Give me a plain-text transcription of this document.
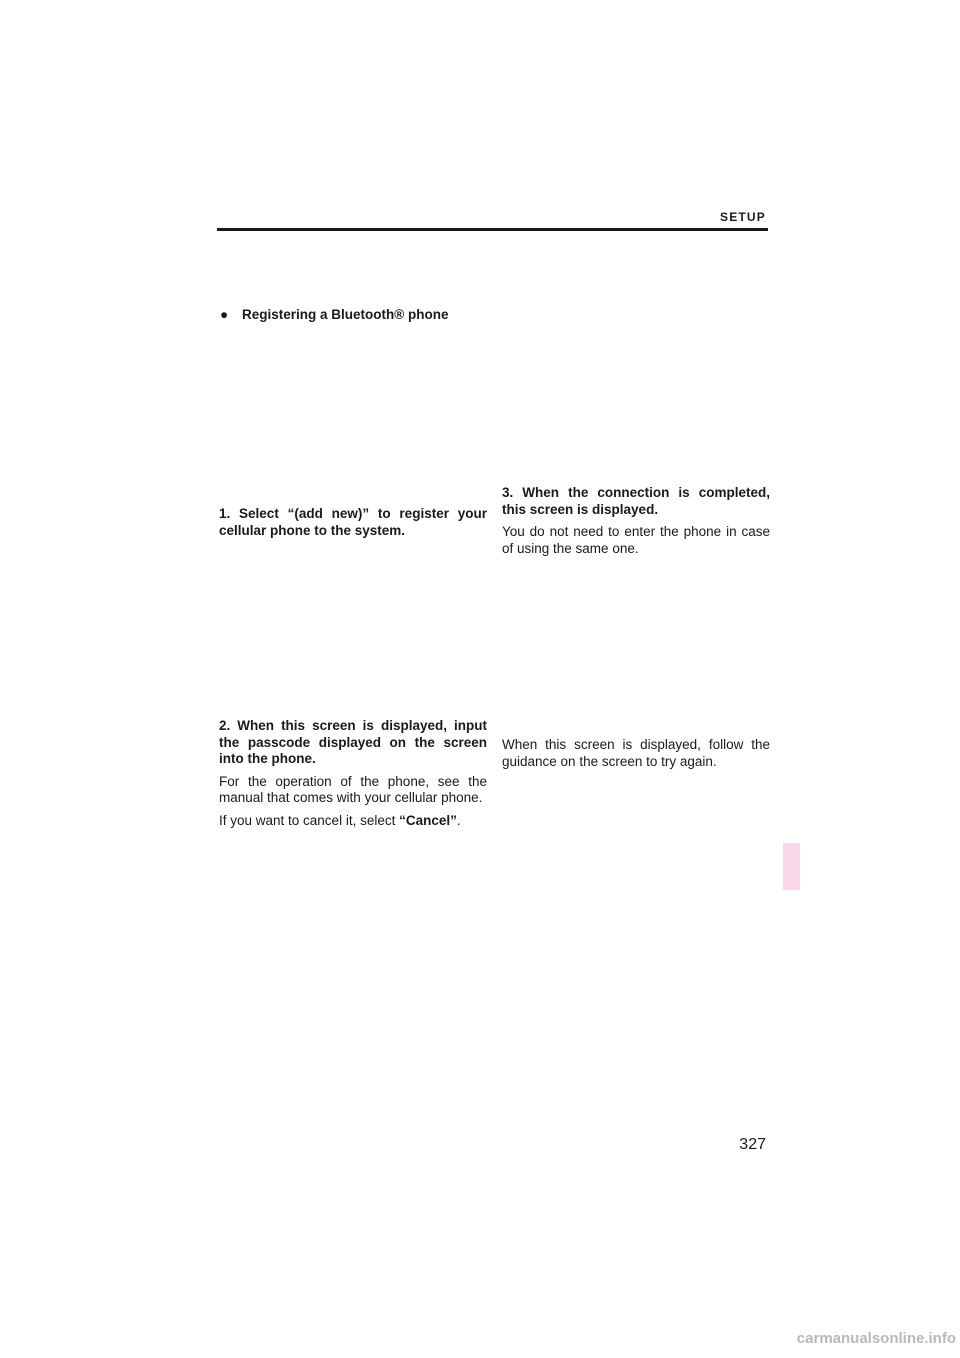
SETUP
● Registering a Bluetooth® phone
1. Select “(add new)” to register your cellular phone to the system.
2. When this screen is displayed, input the passcode displayed on the screen into the phone.
For the operation of the phone, see the manual that comes with your cellular phone.
If you want to cancel it, select “Cancel”.
3. When the connection is completed, this screen is displayed.
You do not need to enter the phone in case of using the same one.
When this screen is displayed, follow the guidance on the screen to try again.
327
carmanualsonline.info
